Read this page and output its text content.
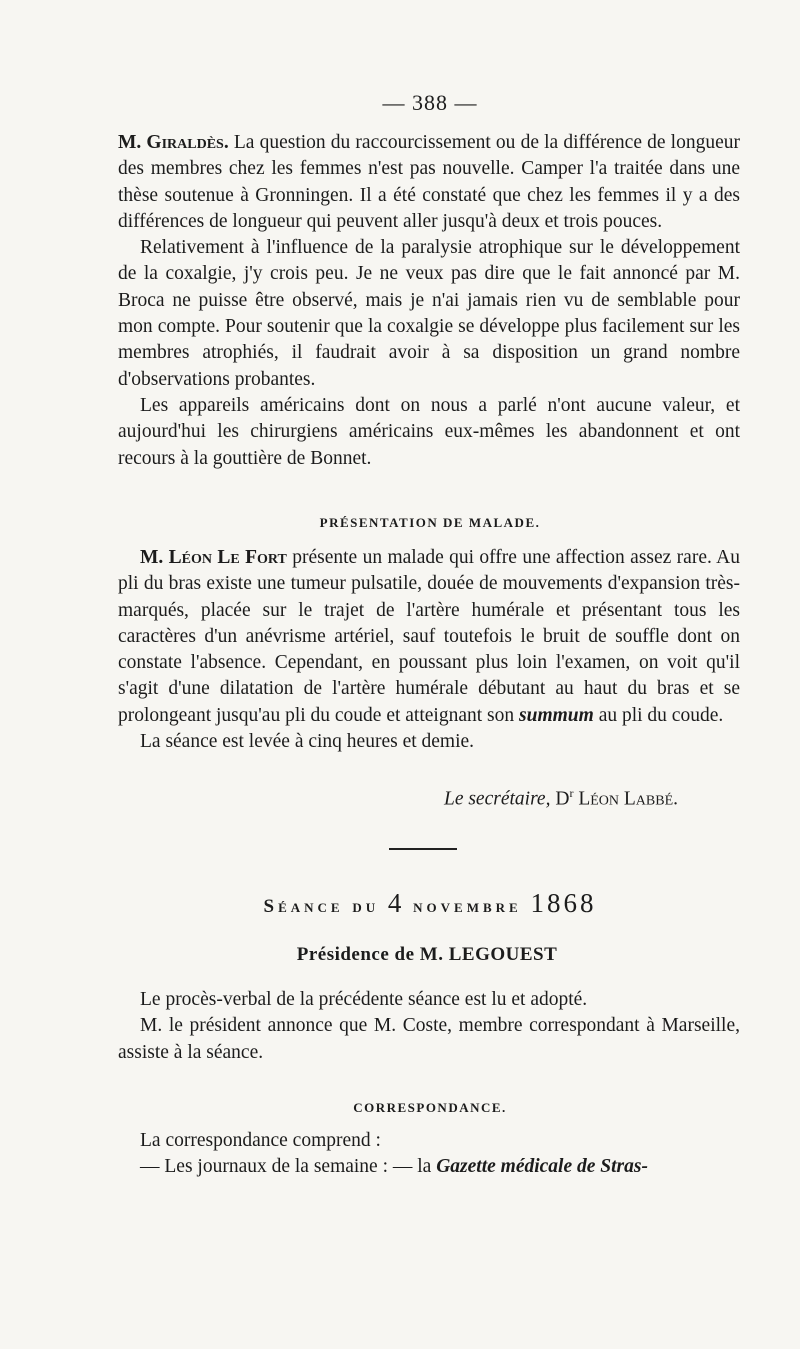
— 388 —

M. Giraldès. La question du raccourcissement ou de la différence de longueur des membres chez les femmes n'est pas nouvelle. Camper l'a traitée dans une thèse soutenue à Gronningen. Il a été constaté que chez les femmes il y a des différences de longueur qui peuvent aller jusqu'à deux et trois pouces.

Relativement à l'influence de la paralysie atrophique sur le développement de la coxalgie, j'y crois peu. Je ne veux pas dire que le fait annoncé par M. Broca ne puisse être observé, mais je n'ai jamais rien vu de semblable pour mon compte. Pour soutenir que la coxalgie se développe plus facilement sur les membres atrophiés, il faudrait avoir à sa disposition un grand nombre d'observations probantes.

Les appareils américains dont on nous a parlé n'ont aucune valeur, et aujourd'hui les chirurgiens américains eux-mêmes les abandonnent et ont recours à la gouttière de Bonnet.

PRÉSENTATION DE MALADE.

M. Léon Le Fort présente un malade qui offre une affection assez rare. Au pli du bras existe une tumeur pulsatile, douée de mouvements d'expansion très-marqués, placée sur le trajet de l'artère humérale et présentant tous les caractères d'un anévrisme artériel, sauf toutefois le bruit de souffle dont on constate l'absence. Cependant, en poussant plus loin l'examen, on voit qu'il s'agit d'une dilatation de l'artère humérale débutant au haut du bras et se prolongeant jusqu'au pli du coude et atteignant son summum au pli du coude.

La séance est levée à cinq heures et demie.

Le secrétaire, $D^r$ Léon Labbé.
Séance du 4 novembre 1868
Présidence de M. LEGOUEST

Le procès-verbal de la précédente séance est lu et adopté.

M. le président annonce que M. Coste, membre correspondant à Marseille, assiste à la séance.

CORRESPONDANCE.

La correspondance comprend :

— Les journaux de la semaine : — la Gazette médicale de Stras-
